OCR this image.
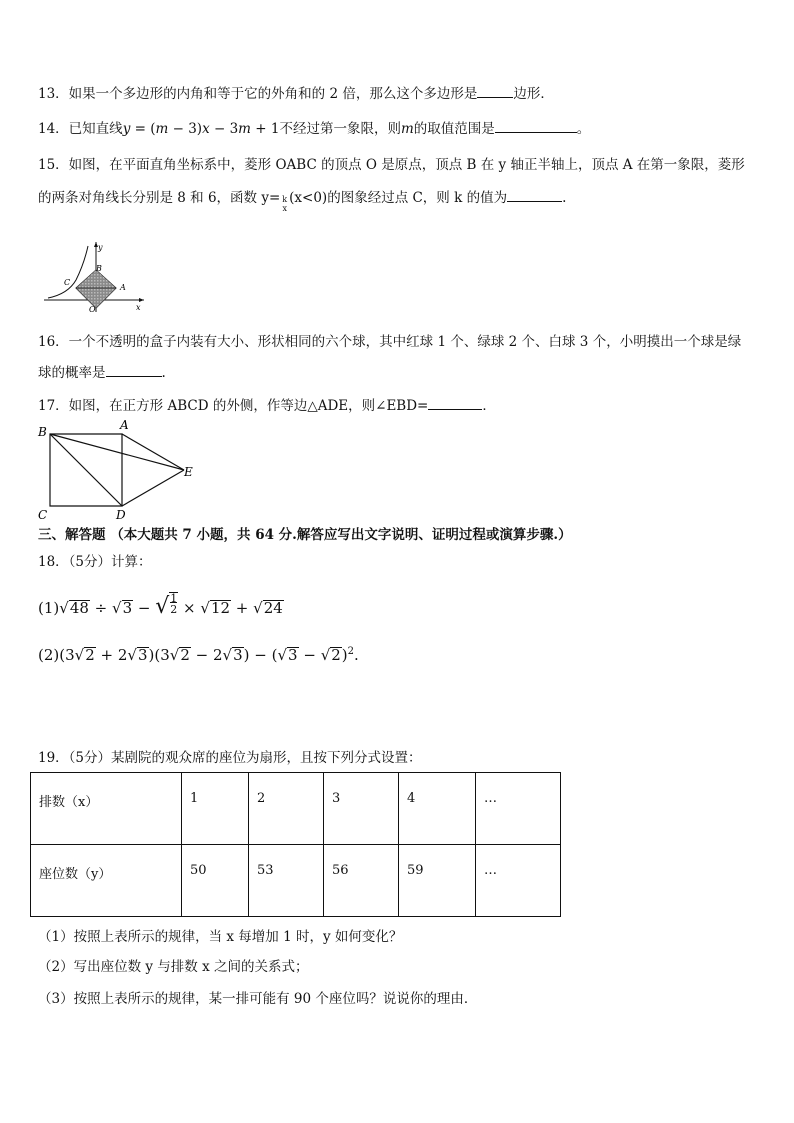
13．如果一个多边形的内角和等于它的外角和的 2 倍，那么这个多边形是	边形．
14．已知直线y = (m − 3)x − 3m + 1不经过第一象限，则m的取值范围是	。
15．如图，在平面直角坐标系中，菱形 OABC 的顶点 O 是原点，顶点 B 在 y 轴正半轴上，顶点 A 在第一象限，菱形
的两条对角线长分别是 8 和 6，函数 y= k
x(x<0)的图象经过点 C，则 k 的值为	.
y
C
B
A
O	x
16．一个不透明的盒子内装有大小、形状相同的六个球，其中红球 1 个、绿球 2 个、白球 3 个，小明摸出一个球是绿
球的概率是	.
17．如图，在正方形 ABCD 的外侧，作等边△ADE，则∠EBD=	．
B	A
C	D
E
三、解答题 （本大题共 7 小题，共 64 分.解答应写出文字说明、证明过程或演算步骤.）
18．（5分）计算：
$(1)√48 \div √3 - √\frac{1}{2} \times √12 + √24$
$(2)(3√2 + 2√3)(3√2 - 2√3) - (√3 - √2)^2$.
19．（5分）某剧院的观众席的座位为扇形，且按下列分式设置：
排数（x）	1	2	3	4	…
座位数（y）	50	53	56	59	…
（1）按照上表所示的规律，当 x 每增加 1 时，y 如何变化？
（2）写出座位数 y 与排数 x 之间的关系式；
（3）按照上表所示的规律，某一排可能有 90 个座位吗？说说你的理由．
